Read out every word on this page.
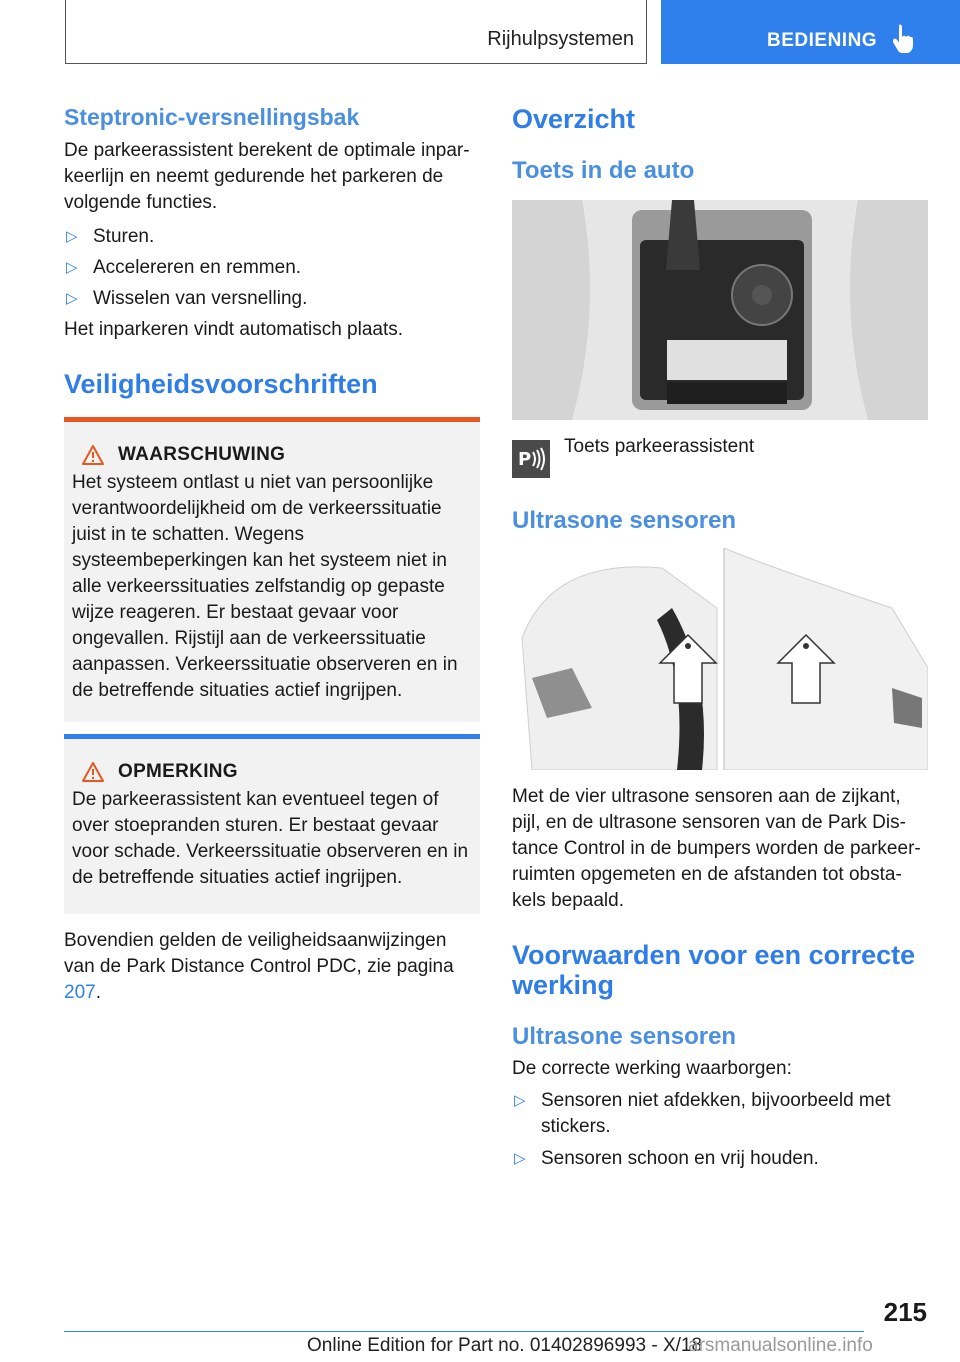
Rijhulpsystemen	BEDIENING
Steptronic-versnellingsbak

De parkeerassistent berekent de optimale inparkeerlijn en neemt gedurende het parkeren de volgende functies.

▷ Sturen.
▷ Accelereren en remmen.
▷ Wisselen van versnelling.

Het inparkeren vindt automatisch plaats.

Veiligheidsvoorschriften
WAARSCHUWING

Het systeem ontlast u niet van persoonlijke verantwoordelijkheid om de verkeerssituatie juist in te schatten. Wegens systeembeperkingen kan het systeem niet in alle verkeerssituaties zelfstandig op gepaste wijze reageren. Er bestaat gevaar voor ongevallen. Rijstijl aan de verkeerssituatie aanpassen. Verkeerssituatie observeren en in de betreffende situaties actief ingrijpen.

OPMERKING

De parkeerassistent kan eventueel tegen of over stoepranden sturen. Er bestaat gevaar voor schade. Verkeerssituatie observeren en in de betreffende situaties actief ingrijpen.

Bovendien gelden de veiligheidsaanwijzingen van de Park Distance Control PDC, zie pagina 207.

Overzicht
Toets in de auto
P

Toets parkeerassistent

Ultrasone sensoren

Met de vier ultrasone sensoren aan de zijkant, pijl, en de ultrasone sensoren van de Park Distance Control in de bumpers worden de parkeerruimten opgemeten en de afstanden tot obstakels bepaald.

Voorwaarden voor een correcte werking
Ultrasone sensoren

De correcte werking waarborgen:

▷ Sensoren niet afdekken, bijvoorbeeld met stickers.
▷ Sensoren schoon en vrij houden.
215
Online Edition for Part no. 01402896993 - X/18
arsmanualsonline.info
